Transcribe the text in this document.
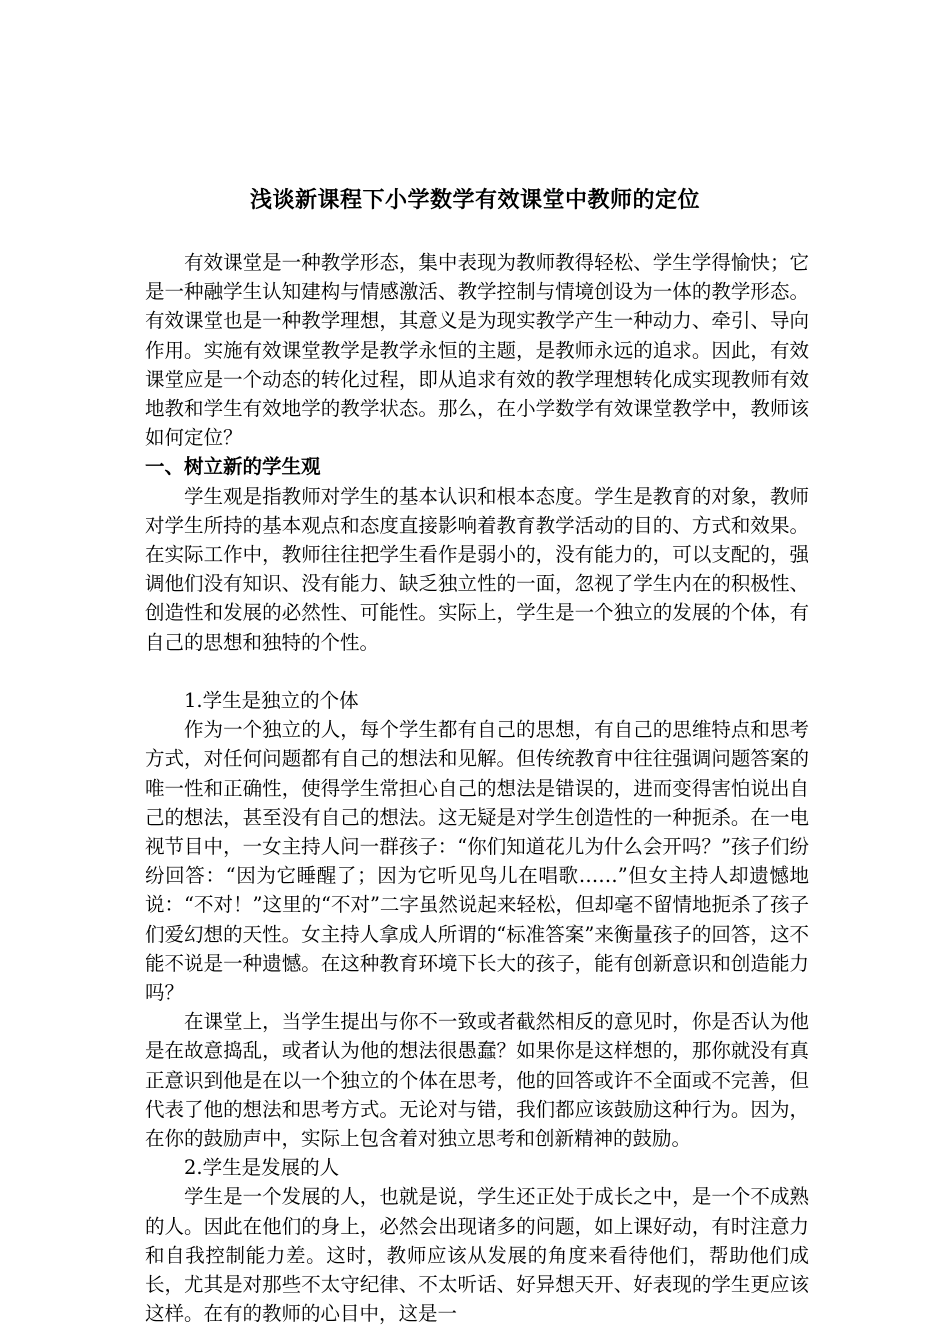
浅谈新课程下小学数学有效课堂中教师的定位

有效课堂是一种教学形态，集中表现为教师教得轻松、学生学得愉快；它是一种融学生认知建构与情感激活、教学控制与情境创设为一体的教学形态。有效课堂也是一种教学理想，其意义是为现实教学产生一种动力、牵引、导向作用。实施有效课堂教学是教学永恒的主题，是教师永远的追求。因此，有效课堂应是一个动态的转化过程，即从追求有效的教学理想转化成实现教师有效地教和学生有效地学的教学状态。那么，在小学数学有效课堂教学中，教师该如何定位？

一、树立新的学生观

学生观是指教师对学生的基本认识和根本态度。学生是教育的对象，教师对学生所持的基本观点和态度直接影响着教育教学活动的目的、方式和效果。在实际工作中，教师往往把学生看作是弱小的，没有能力的，可以支配的，强调他们没有知识、没有能力、缺乏独立性的一面，忽视了学生内在的积极性、创造性和发展的必然性、可能性。实际上，学生是一个独立的发展的个体，有自己的思想和独特的个性。

1.学生是独立的个体

作为一个独立的人，每个学生都有自己的思想，有自己的思维特点和思考方式，对任何问题都有自己的想法和见解。但传统教育中往往强调问题答案的唯一性和正确性，使得学生常担心自己的想法是错误的，进而变得害怕说出自己的想法，甚至没有自己的想法。这无疑是对学生创造性的一种扼杀。在一电视节目中，一女主持人问一群孩子：“你们知道花儿为什么会开吗？”孩子们纷纷回答：“因为它睡醒了；因为它听见鸟儿在唱歌……”但女主持人却遗憾地说：“不对！”这里的“不对”二字虽然说起来轻松，但却毫不留情地扼杀了孩子们爱幻想的天性。女主持人拿成人所谓的“标准答案”来衡量孩子的回答，这不能不说是一种遗憾。在这种教育环境下长大的孩子，能有创新意识和创造能力吗？

在课堂上，当学生提出与你不一致或者截然相反的意见时，你是否认为他是在故意捣乱，或者认为他的想法很愚蠢？如果你是这样想的，那你就没有真正意识到他是在以一个独立的个体在思考，他的回答或许不全面或不完善，但代表了他的想法和思考方式。无论对与错，我们都应该鼓励这种行为。因为，在你的鼓励声中，实际上包含着对独立思考和创新精神的鼓励。

2.学生是发展的人

学生是一个发展的人，也就是说，学生还正处于成长之中，是一个不成熟的人。因此在他们的身上，必然会出现诸多的问题，如上课好动，有时注意力和自我控制能力差。这时，教师应该从发展的角度来看待他们，帮助他们成长，尤其是对那些不太守纪律、不太听话、好异想天开、好表现的学生更应该这样。在有的教师的心目中，这是一
